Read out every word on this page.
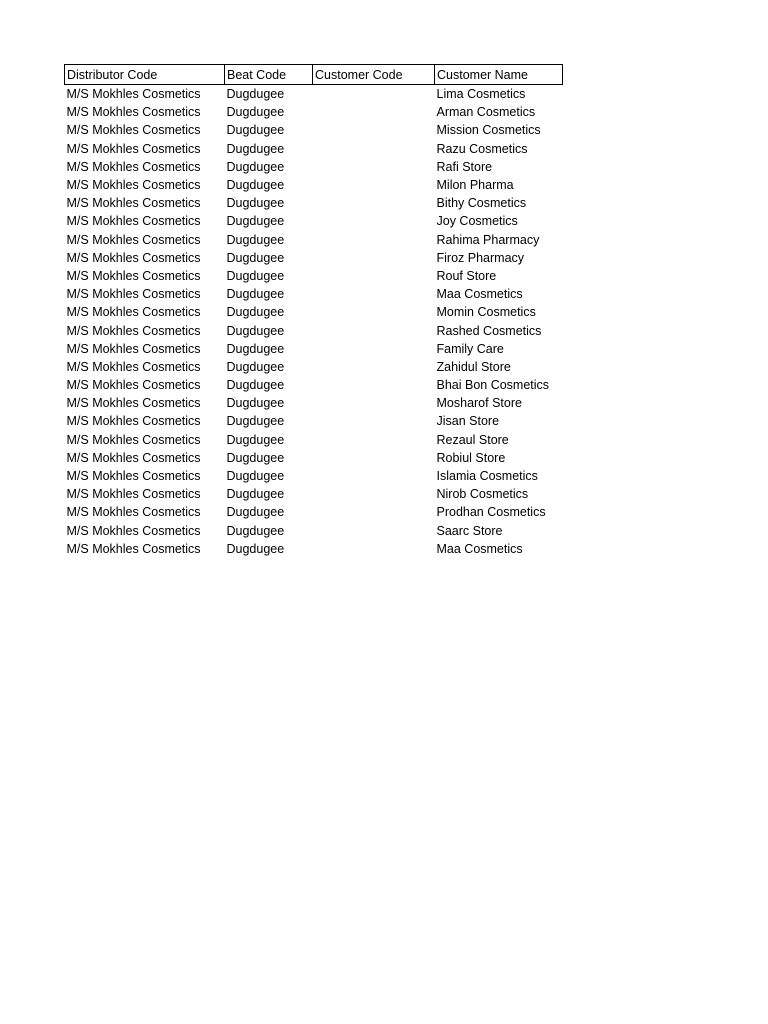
Distributor Code	Beat Code	Customer Code	Customer Name
M/S Mokhles Cosmetics	Dugdugee		Lima Cosmetics
M/S Mokhles Cosmetics	Dugdugee		Arman Cosmetics
M/S Mokhles Cosmetics	Dugdugee		Mission Cosmetics
M/S Mokhles Cosmetics	Dugdugee		Razu Cosmetics
M/S Mokhles Cosmetics	Dugdugee		Rafi Store
M/S Mokhles Cosmetics	Dugdugee		Milon Pharma
M/S Mokhles Cosmetics	Dugdugee		Bithy Cosmetics
M/S Mokhles Cosmetics	Dugdugee		Joy Cosmetics
M/S Mokhles Cosmetics	Dugdugee		Rahima Pharmacy
M/S Mokhles Cosmetics	Dugdugee		Firoz Pharmacy
M/S Mokhles Cosmetics	Dugdugee		Rouf Store
M/S Mokhles Cosmetics	Dugdugee		Maa Cosmetics
M/S Mokhles Cosmetics	Dugdugee		Momin Cosmetics
M/S Mokhles Cosmetics	Dugdugee		Rashed Cosmetics
M/S Mokhles Cosmetics	Dugdugee		Family Care
M/S Mokhles Cosmetics	Dugdugee		Zahidul Store
M/S Mokhles Cosmetics	Dugdugee		Bhai Bon Cosmetics
M/S Mokhles Cosmetics	Dugdugee		Mosharof Store
M/S Mokhles Cosmetics	Dugdugee		Jisan Store
M/S Mokhles Cosmetics	Dugdugee		Rezaul Store
M/S Mokhles Cosmetics	Dugdugee		Robiul Store
M/S Mokhles Cosmetics	Dugdugee		Islamia Cosmetics
M/S Mokhles Cosmetics	Dugdugee		Nirob Cosmetics
M/S Mokhles Cosmetics	Dugdugee		Prodhan Cosmetics
M/S Mokhles Cosmetics	Dugdugee		Saarc Store
M/S Mokhles Cosmetics	Dugdugee		Maa Cosmetics
